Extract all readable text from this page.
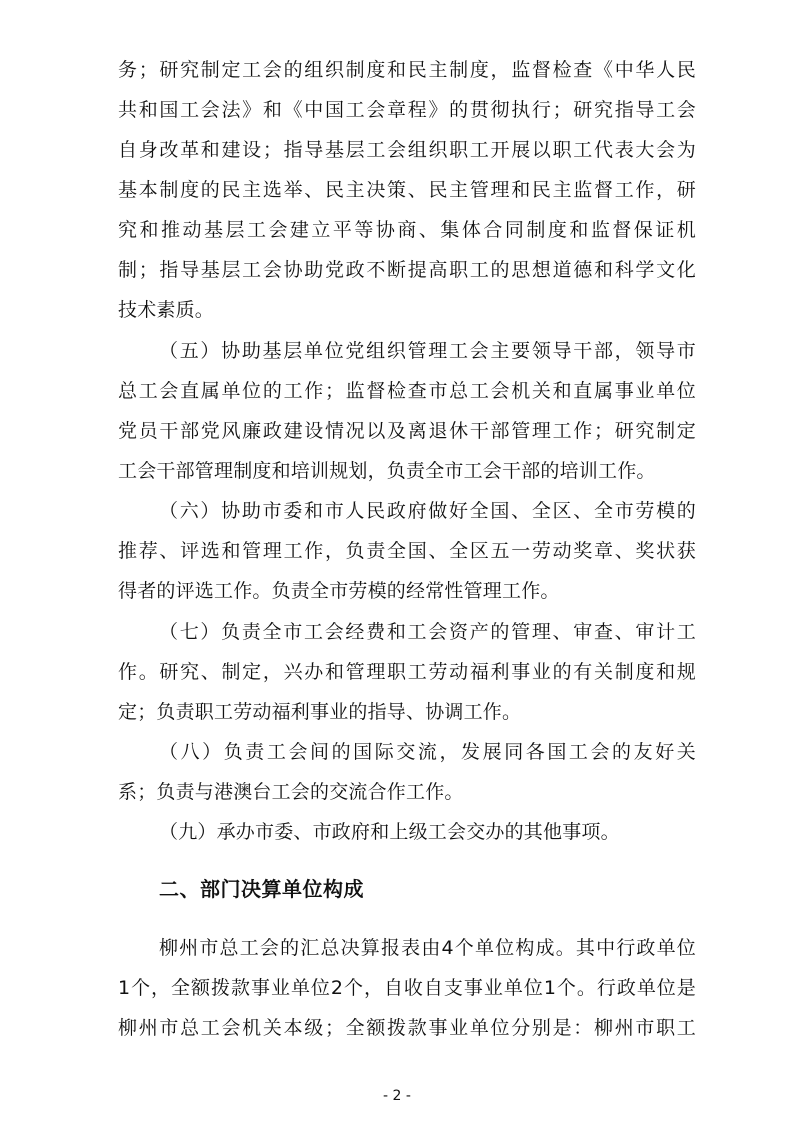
务；研究制定工会的组织制度和民主制度，监督检查《中华人民
共和国工会法》和《中国工会章程》的贯彻执行；研究指导工会
自身改革和建设；指导基层工会组织职工开展以职工代表大会为
基本制度的民主选举、民主决策、民主管理和民主监督工作，研
究和推动基层工会建立平等协商、集体合同制度和监督保证机
制；指导基层工会协助党政不断提高职工的思想道德和科学文化
技术素质。
（五）协助基层单位党组织管理工会主要领导干部，领导市
总工会直属单位的工作；监督检查市总工会机关和直属事业单位
党员干部党风廉政建设情况以及离退休干部管理工作；研究制定
工会干部管理制度和培训规划，负责全市工会干部的培训工作。
（六）协助市委和市人民政府做好全国、全区、全市劳模的
推荐、评选和管理工作，负责全国、全区五一劳动奖章、奖状获
得者的评选工作。负责全市劳模的经常性管理工作。
（七）负责全市工会经费和工会资产的管理、审查、审计工
作。研究、制定，兴办和管理职工劳动福利事业的有关制度和规
定；负责职工劳动福利事业的指导、协调工作。
（八）负责工会间的国际交流，发展同各国工会的友好关
系；负责与港澳台工会的交流合作工作。
（九）承办市委、市政府和上级工会交办的其他事项。
二、部门决算单位构成
柳州市总工会的汇总决算报表由4个单位构成。其中行政单位
1个，全额拨款事业单位2个，自收自支事业单位1个。行政单位是
柳州市总工会机关本级；全额拨款事业单位分别是：柳州市职工
- 2 -
